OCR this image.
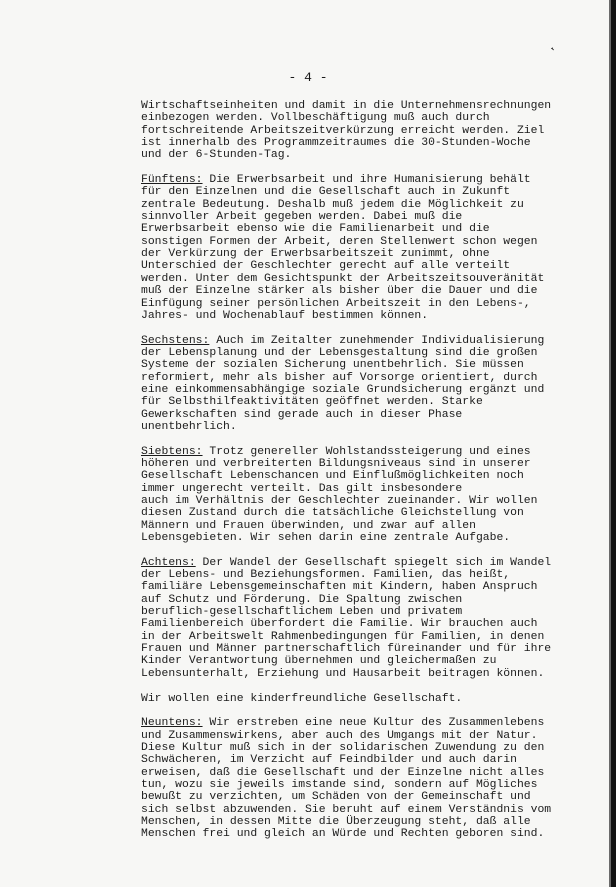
˞
- 4 -

Wirtschaftseinheiten und damit in die Unternehmensrechnungen
einbezogen werden. Vollbeschäftigung muß auch durch
fortschreitende Arbeitszeitverkürzung erreicht werden. Ziel
ist innerhalb des Programmzeitraumes die 30-Stunden-Woche
und der 6-Stunden-Tag.

Fünftens: Die Erwerbsarbeit und ihre Humanisierung behält
für den Einzelnen und die Gesellschaft auch in Zukunft
zentrale Bedeutung. Deshalb muß jedem die Möglichkeit zu
sinnvoller Arbeit gegeben werden. Dabei muß die
Erwerbsarbeit ebenso wie die Familienarbeit und die
sonstigen Formen der Arbeit, deren Stellenwert schon wegen
der Verkürzung der Erwerbsarbeitszeit zunimmt, ohne
Unterschied der Geschlechter gerecht auf alle verteilt
werden. Unter dem Gesichtspunkt der Arbeitszeitsouveränität
muß der Einzelne stärker als bisher über die Dauer und die
Einfügung seiner persönlichen Arbeitszeit in den Lebens-,
Jahres- und Wochenablauf bestimmen können.

Sechstens: Auch im Zeitalter zunehmender Individualisierung
der Lebensplanung und der Lebensgestaltung sind die großen
Systeme der sozialen Sicherung unentbehrlich. Sie müssen
reformiert, mehr als bisher auf Vorsorge orientiert, durch
eine einkommensabhängige soziale Grundsicherung ergänzt und
für Selbsthilfeaktivitäten geöffnet werden. Starke
Gewerkschaften sind gerade auch in dieser Phase
unentbehrlich.

Siebtens: Trotz genereller Wohlstandssteigerung und eines
höheren und verbreiterten Bildungsniveaus sind in unserer
Gesellschaft Lebenschancen und Einflußmöglichkeiten noch
immer ungerecht verteilt. Das gilt insbesondere
auch im Verhältnis der Geschlechter zueinander. Wir wollen
diesen Zustand durch die tatsächliche Gleichstellung von
Männern und Frauen überwinden, und zwar auf allen
Lebensgebieten. Wir sehen darin eine zentrale Aufgabe.

Achtens: Der Wandel der Gesellschaft spiegelt sich im Wandel
der Lebens- und Beziehungsformen. Familien, das heißt,
familiäre Lebensgemeinschaften mit Kindern, haben Anspruch
auf Schutz und Förderung. Die Spaltung zwischen
beruflich-gesellschaftlichem Leben und privatem
Familienbereich überfordert die Familie. Wir brauchen auch
in der Arbeitswelt Rahmenbedingungen für Familien, in denen
Frauen und Männer partnerschaftlich füreinander und für ihre
Kinder Verantwortung übernehmen und gleichermaßen zu
Lebensunterhalt, Erziehung und Hausarbeit beitragen können.

Wir wollen eine kinderfreundliche Gesellschaft.

Neuntens: Wir erstreben eine neue Kultur des Zusammenlebens
und Zusammenswirkens, aber auch des Umgangs mit der Natur.
Diese Kultur muß sich in der solidarischen Zuwendung zu den
Schwächeren, im Verzicht auf Feindbilder und auch darin
erweisen, daß die Gesellschaft und der Einzelne nicht alles
tun, wozu sie jeweils imstande sind, sondern auf Mögliches
bewußt zu verzichten, um Schäden von der Gemeinschaft und
sich selbst abzuwenden. Sie beruht auf einem Verständnis vom
Menschen, in dessen Mitte die Überzeugung steht, daß alle
Menschen frei und gleich an Würde und Rechten geboren sind.
